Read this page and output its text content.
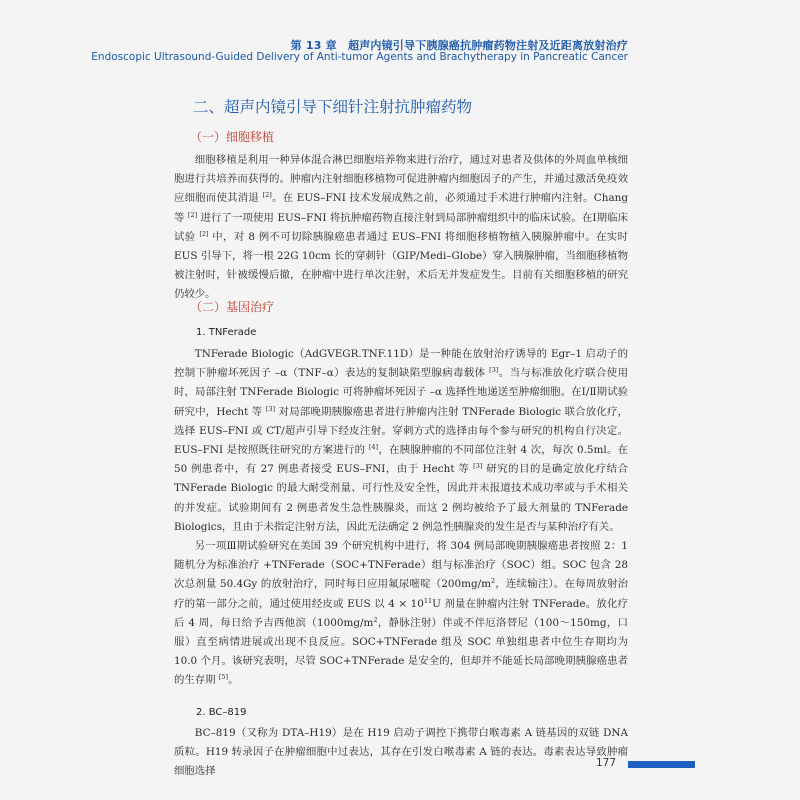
第 13 章　超声内镜引导下胰腺癌抗肿瘤药物注射及近距离放射治疗
Endoscopic Ultrasound-Guided Delivery of Anti-tumor Agents and Brachytherapy in Pancreatic Cancer
二、超声内镜引导下细针注射抗肿瘤药物
（一）细胞移植

细胞移植是利用一种异体混合淋巴细胞培养物来进行治疗，通过对患者及供体的外周血单核细胞进行共培养而获得的。肿瘤内注射细胞移植物可促进肿瘤内细胞因子的产生，并通过激活免疫效应细胞而使其消退 [2]。在 EUS–FNI 技术发展成熟之前，必须通过手术进行肿瘤内注射。Chang 等 [2] 进行了一项使用 EUS–FNI 将抗肿瘤药物直接注射到局部肿瘤组织中的临床试验。在Ⅰ期临床试验 [2] 中，对 8 例不可切除胰腺癌患者通过 EUS–FNI 将细胞移植物植入胰腺肿瘤中。在实时 EUS 引导下，将一根 22G 10cm 长的穿刺针（GIP/Medi–Globe）穿入胰腺肿瘤，当细胞移植物被注射时，针被缓慢后撤，在肿瘤中进行单次注射，术后无并发症发生。目前有关细胞移植的研究仍较少。

（二）基因治疗
1. TNFerade

TNFerade Biologic（AdGVEGR.TNF.11D）是一种能在放射治疗诱导的 Egr–1 启动子的控制下肿瘤坏死因子 –α（TNF–α）表达的复制缺陷型腺病毒载体 [3]。当与标准放化疗联合使用时，局部注射 TNFerade Biologic 可将肿瘤坏死因子 –α 选择性地递送至肿瘤细胞。在Ⅰ/Ⅱ期试验研究中，Hecht 等 [3] 对局部晚期胰腺癌患者进行肿瘤内注射 TNFerade Biologic 联合放化疗，选择 EUS–FNI 或 CT/超声引导下经皮注射。穿刺方式的选择由每个参与研究的机构自行决定。EUS–FNI 是按照既往研究的方案进行的 [4]，在胰腺肿瘤的不同部位注射 4 次，每次 0.5ml。在 50 例患者中，有 27 例患者接受 EUS–FNI，由于 Hecht 等 [3] 研究的目的是确定放化疗结合 TNFerade Biologic 的最大耐受剂量、可行性及安全性，因此并未报道技术成功率或与手术相关的并发症。试验期间有 2 例患者发生急性胰腺炎，而这 2 例均被给予了最大剂量的 TNFerade Biologics，且由于未指定注射方法，因此无法确定 2 例急性胰腺炎的发生是否与某种治疗有关。

另一项Ⅲ期试验研究在美国 39 个研究机构中进行，将 304 例局部晚期胰腺癌患者按照 2：1 随机分为标准治疗 +TNFerade（SOC+TNFerade）组与标准治疗（SOC）组。SOC 包含 28 次总剂量 50.4Gy 的放射治疗，同时每日应用氟尿嘧啶（$200mg/m^2$，连续输注）。在每周放射治疗的第一部分之前，通过使用经皮或 EUS 以 $4 \times 10^{11}U$ 剂量在肿瘤内注射 TNFerade。放化疗后 4 周，每日给予吉西他滨（$1000mg/m^2$，静脉注射）伴或不伴厄洛替尼（100～150mg，口服）直至病情进展或出现不良反应。SOC+TNFerade 组及 SOC 单独组患者中位生存期均为 10.0 个月。该研究表明，尽管 SOC+TNFerade 是安全的，但却并不能延长局部晚期胰腺癌患者的生存期 [5]。

2. BC–819

BC–819（又称为 DTA–H19）是在 H19 启动子调控下携带白喉毒素 A 链基因的双链 DNA 质粒。H19 转录因子在肿瘤细胞中过表达，其存在引发白喉毒素 A 链的表达。毒素表达导致肿瘤细胞选择

177
